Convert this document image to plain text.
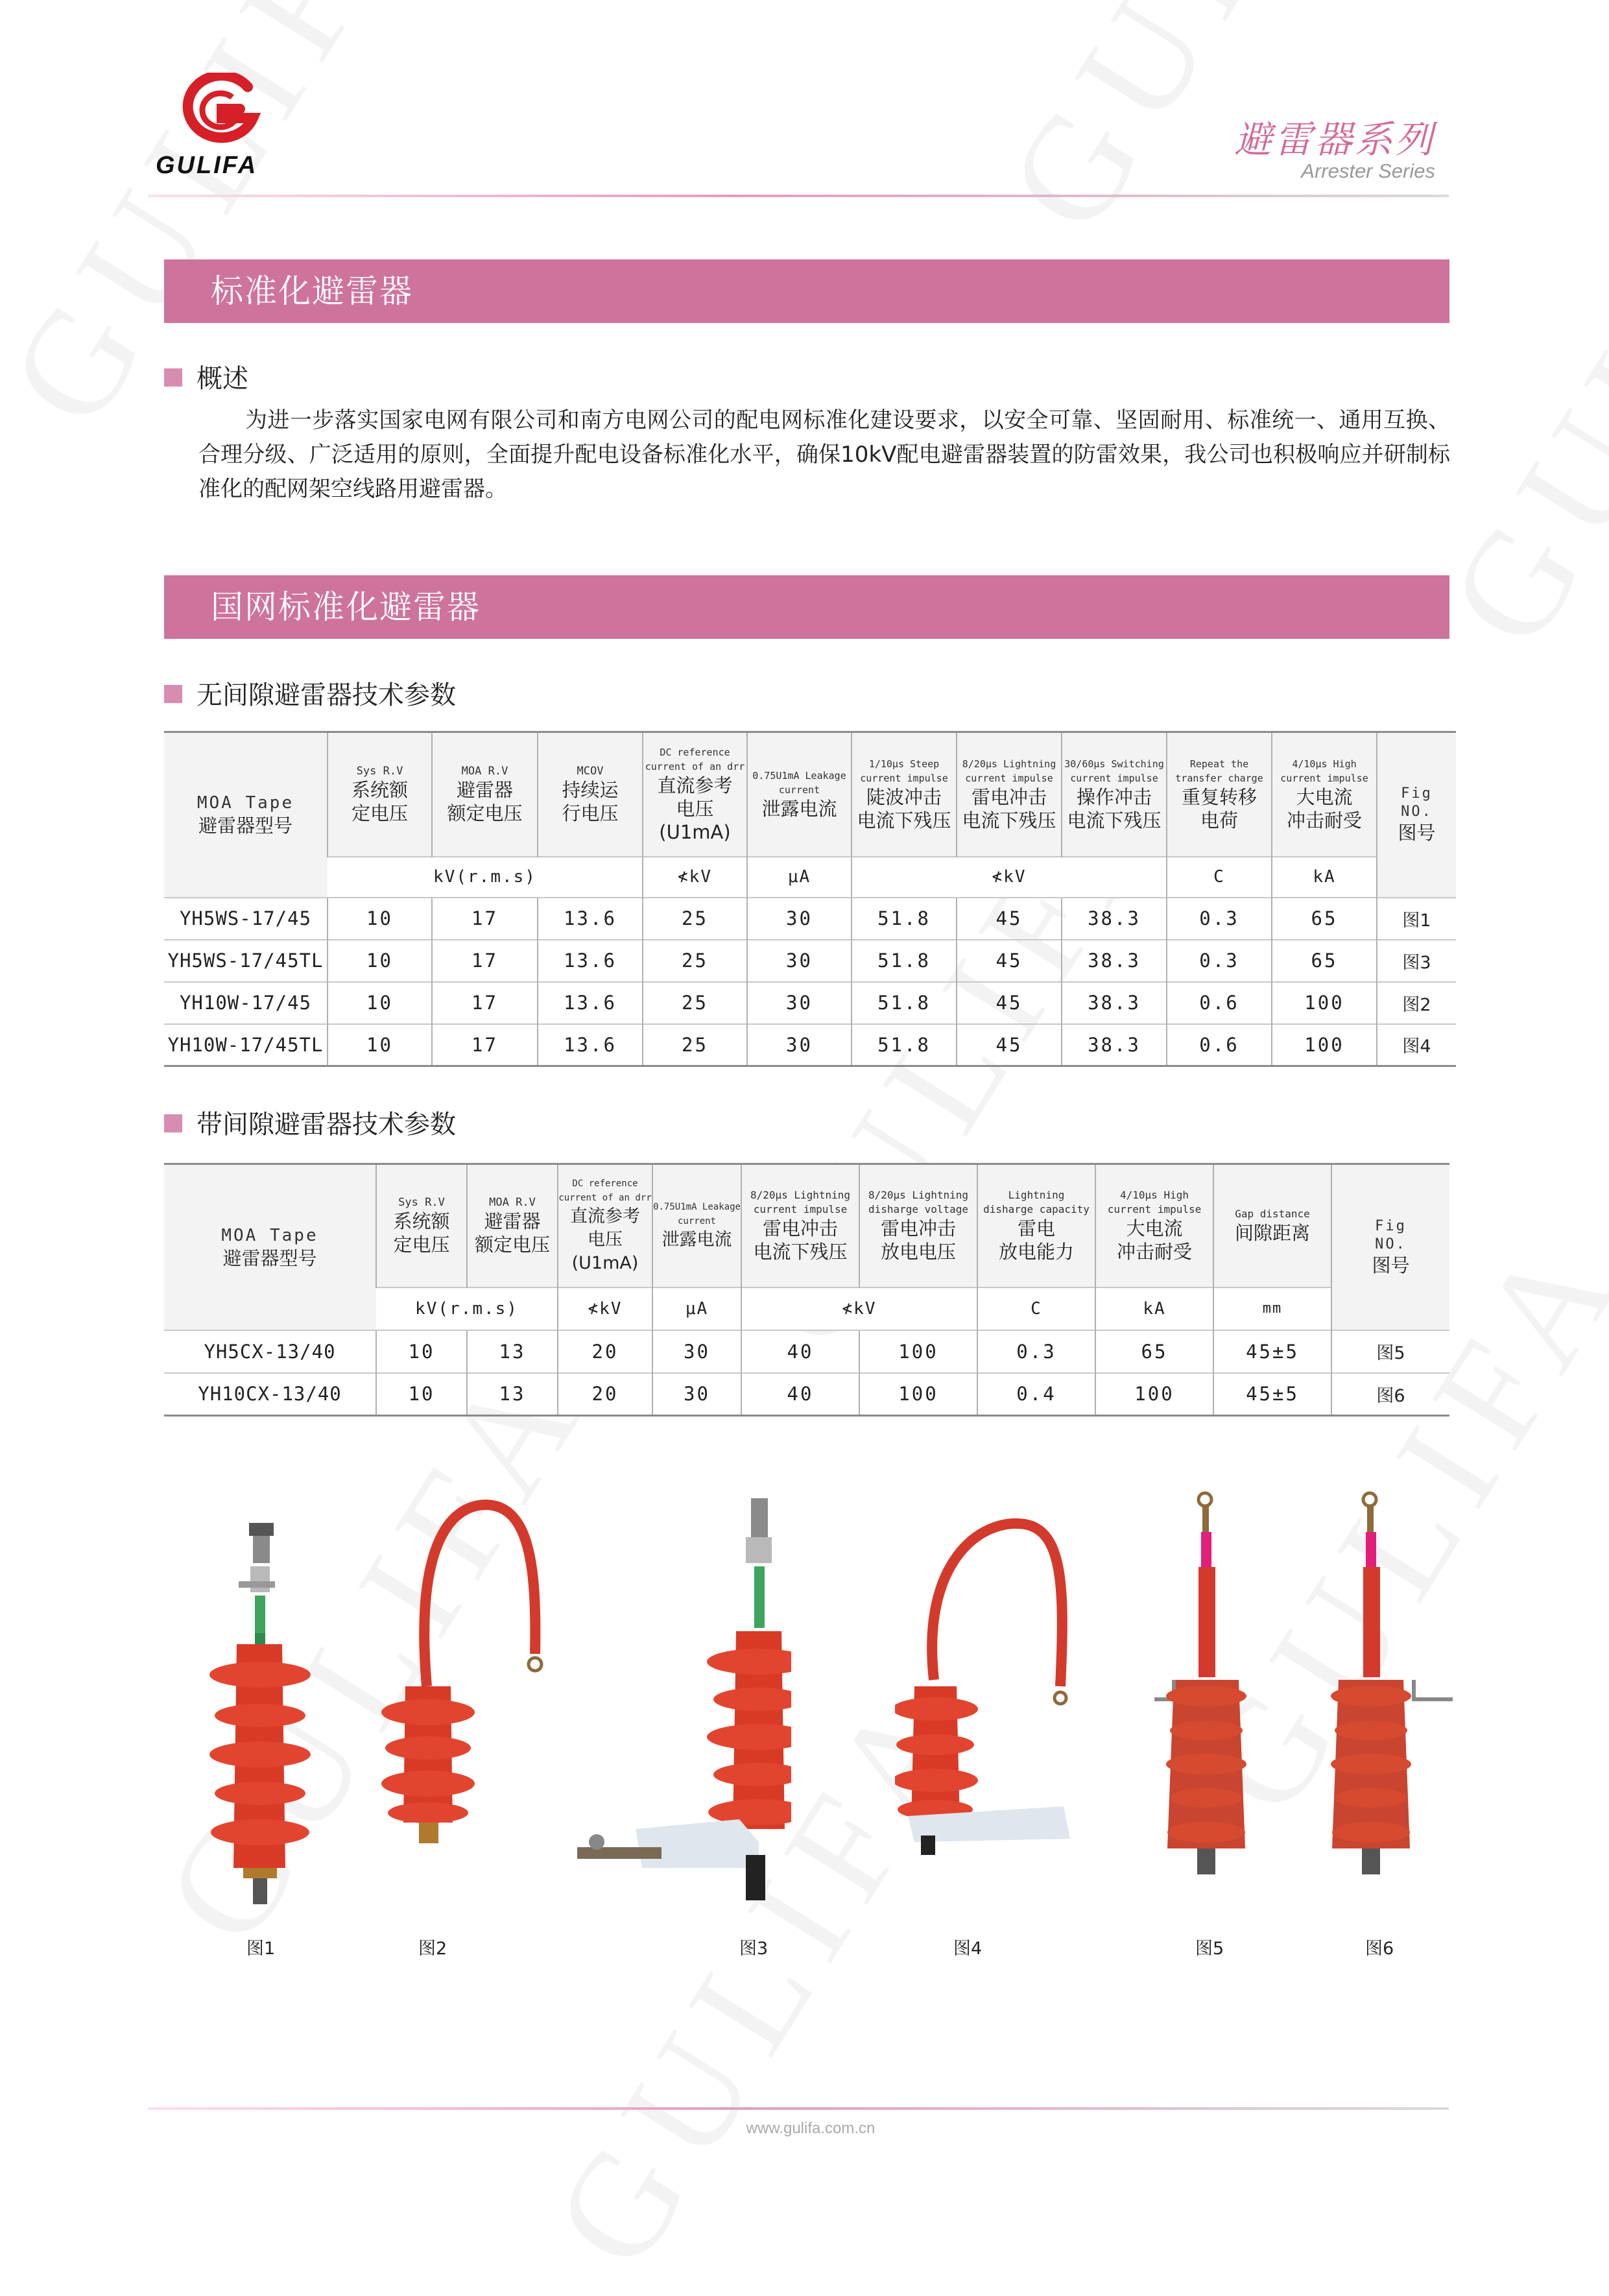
GULIFA
避雷器系列
Arrester Series
标准化避雷器
概述

为进一步落实国家电网有限公司和南方电网公司的配电网标准化建设要求，以安全可靠、坚固耐用、标准统一、通用互换、合理分级、广泛适用的原则，全面提升配电设备标准化水平，确保10kV配电避雷器装置的防雷效果，我公司也积极响应并研制标准化的配网架空线路用避雷器。

国网标准化避雷器
无间隙避雷器技术参数
MOA Tape
避雷器型号	Sys R.V
系统额
定电压	MOA R.V
避雷器
额定电压	MCOV
持续运
行电压	DC reference
current of an drr
直流参考
电压(U1mA)	0.75U1mA Leakage
current
泄露电流	1/10μs Steep
current impulse
陡波冲击
电流下残压	8/20μs Lightning
current impulse
雷电冲击
电流下残压	30/60μs Switching
current impulse
操作冲击
电流下残压	Repeat the
transfer charge
重复转移
电荷	4/10μs High
current impulse
大电流
冲击耐受	Fig
NO.
图号

	kV(r.m.s)			≮kV	μA	≮kV			C	kA	
YH5WS-17/45	10	17	13.6	25	30	51.8	45	38.3	0.3	65	图1
YH5WS-17/45TL	10	17	13.6	25	30	51.8	45	38.3	0.3	65	图3
YH10W-17/45	10	17	13.6	25	30	51.8	45	38.3	0.6	100	图2
YH10W-17/45TL	10	17	13.6	25	30	51.8	45	38.3	0.6	100	图4
带间隙避雷器技术参数
MOA Tape
避雷器型号	Sys R.V
系统额
定电压	MOA R.V
避雷器
额定电压	DC reference
current of an drr
直流参考
电压(U1mA)	0.75U1mA Leakage
current
泄露电流	8/20μs Lightning
current impulse
雷电冲击
电流下残压	8/20μs Lightning
disharge voltage
雷电冲击
放电电压	Lightning
disharge capacity
雷电
放电能力	4/10μs High
current impulse
大电流
冲击耐受	Gap distance
间隙距离	Fig
NO.
图号

	kV(r.m.s)		≮kV	μA	≮kV		C	kA	mm	
YH5CX-13/40	10	13	20	30	40	100	0.3	65	45±5	图5
YH10CX-13/40	10	13	20	30	40	100	0.4	100	45±5	图6
图1	图2	图3	图4	图5	图6
www.gulifa.com.cn
